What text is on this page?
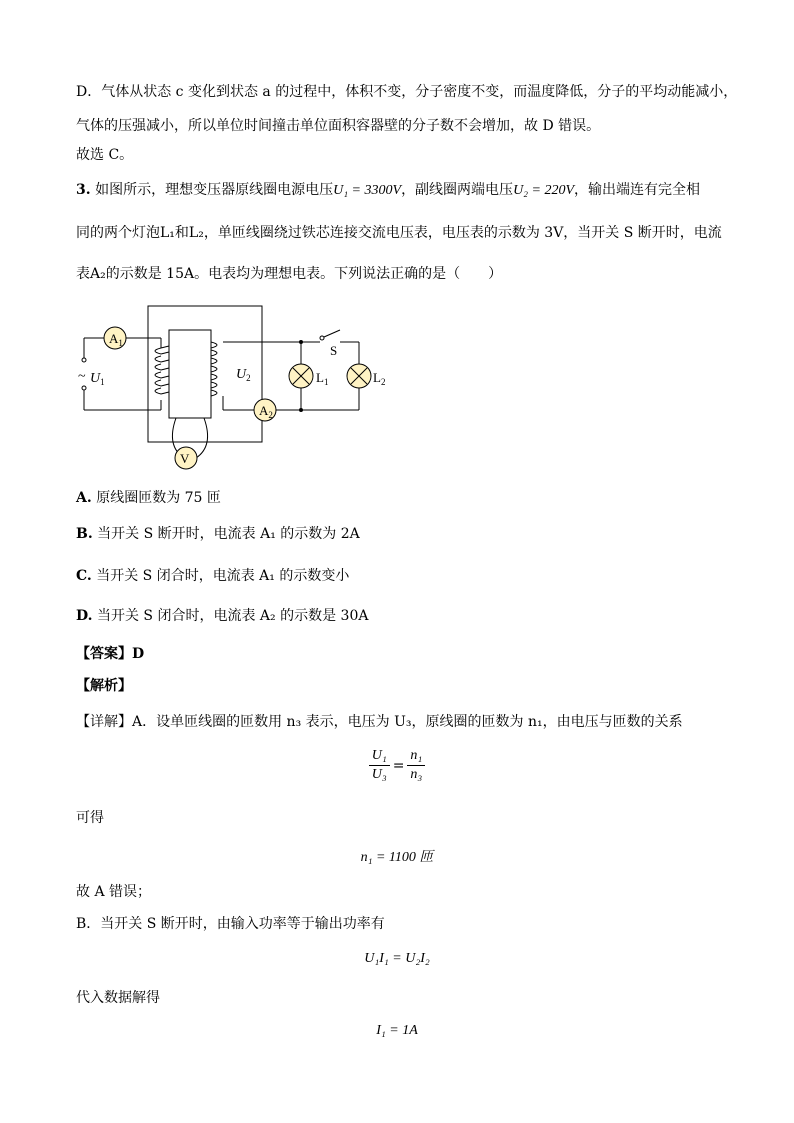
D．气体从状态 c 变化到状态 a 的过程中，体积不变，分子密度不变，而温度降低，分子的平均动能减小，
气体的压强减小，所以单位时间撞击单位面积容器壁的分子数不会增加，故 D 错误。
故选 C。
3. 如图所示，理想变压器原线圈电源电压U₁ = 3300V，副线圈两端电压U₂ = 220V，输出端连有完全相
同的两个灯泡L₁和L₂，单匝线圈绕过铁芯连接交流电压表，电压表的示数为 3V，当开关 S 断开时，电流
表A₂的示数是 15A。电表均为理想电表。下列说法正确的是（　　）
$A_1$
~ $U_1$	$U_2$
V
S
$L_1$	$L_2$
$A_2$
A. 原线圈匝数为 75 匝
B. 当开关 S 断开时，电流表 A₁ 的示数为 2A
C. 当开关 S 闭合时，电流表 A₁ 的示数变小
D. 当开关 S 闭合时，电流表 A₂ 的示数是 30A
【答案】D
【解析】
【详解】A．设单匝线圈的匝数用 n₃ 表示，电压为 U₃，原线圈的匝数为 n₁，由电压与匝数的关系
$\frac{\text{U₁}}{\text{U₃}} = \frac{\text{n₁}}{\text{n₃}}$
可得
n₁ = 1100 匝
故 A 错误；
B．当开关 S 断开时，由输入功率等于输出功率有
U₁I₁ = U₂I₂
代入数据解得
I₁ = 1A
